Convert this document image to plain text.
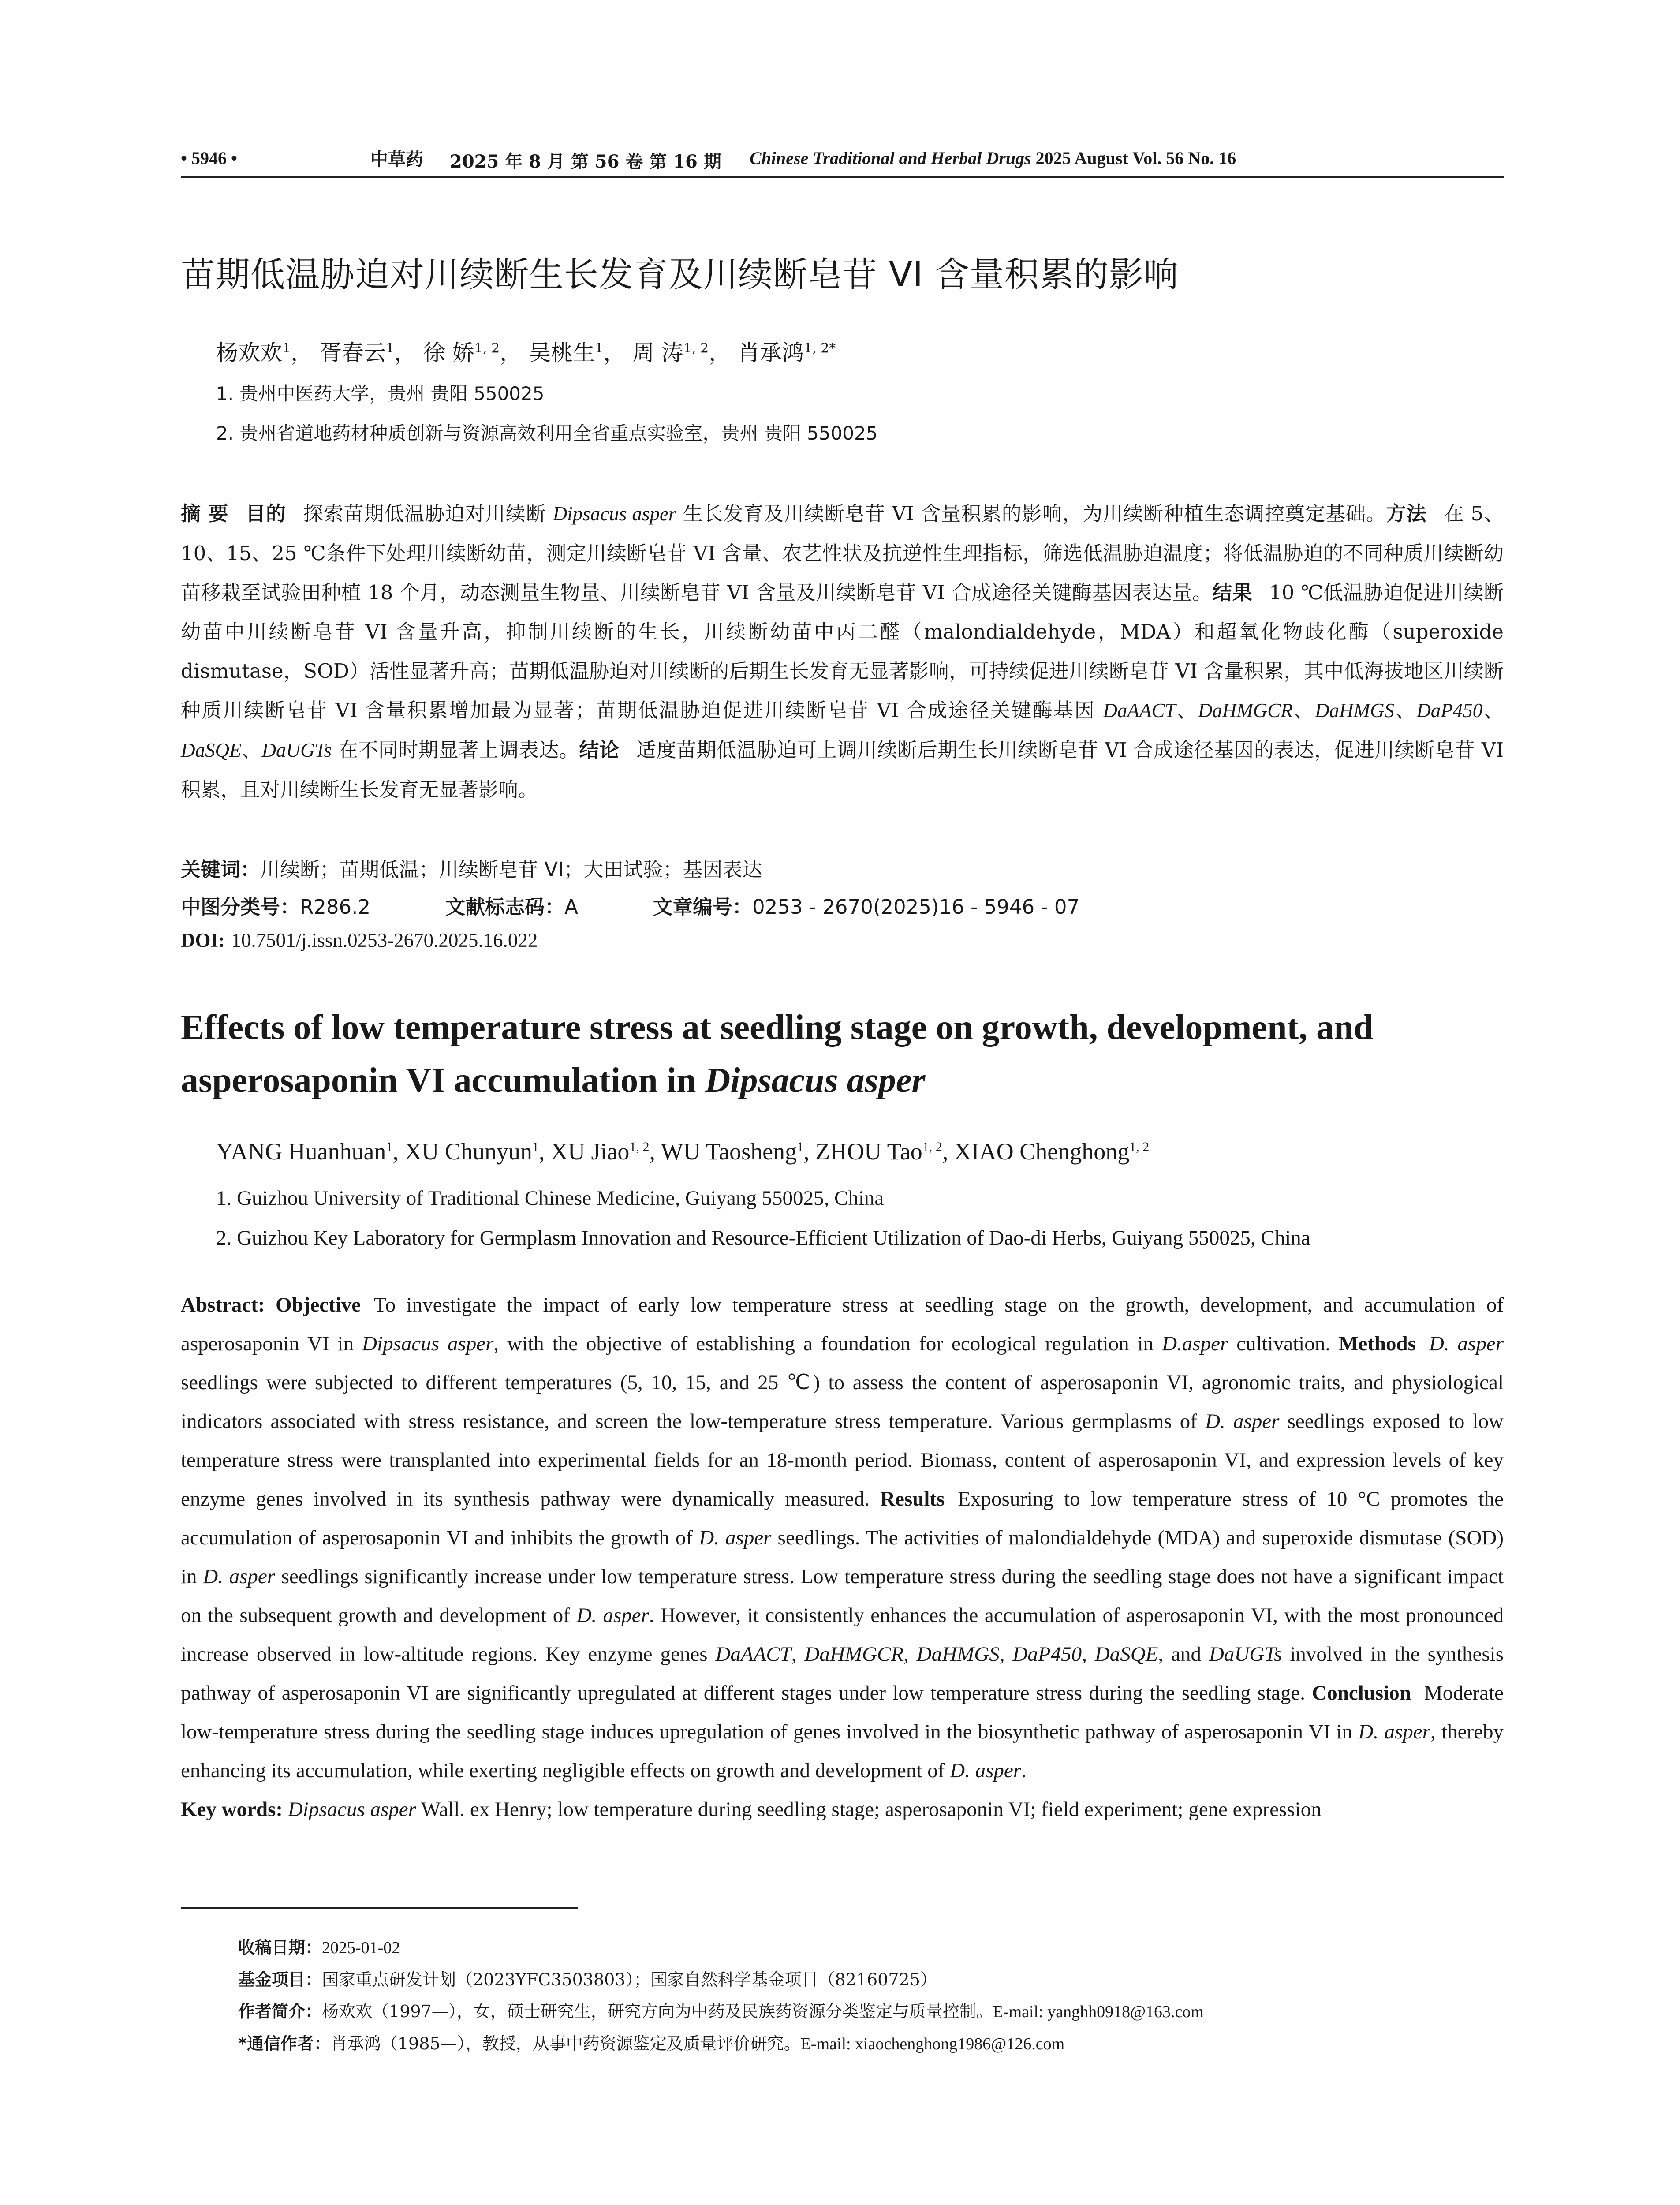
• 5946 •	中草药 2025 年 8 月 第 56 卷 第 16 期 Chinese Traditional and Herbal Drugs 2025 August Vol. 56 No. 16
苗期低温胁迫对川续断生长发育及川续断皂苷 VI 含量积累的影响
杨欢欢$^1$， 胥春云$^1$， 徐 娇$^{1, 2}$， 吴桃生$^1$， 周 涛$^{1, 2}$， 肖承鸿$^{1, 2*}$
1. 贵州中医药大学，贵州 贵阳 550025
2. 贵州省道地药材种质创新与资源高效利用全省重点实验室，贵州 贵阳 550025
摘 要 目的 探索苗期低温胁迫对川续断 Dipsacus asper 生长发育及川续断皂苷 VI 含量积累的影响，为川续断种植生态调控奠定基础。方法 在 5、10、15、25 ℃条件下处理川续断幼苗，测定川续断皂苷 VI 含量、农艺性状及抗逆性生理指标，筛选低温胁迫温度；将低温胁迫的不同种质川续断幼苗移栽至试验田种植 18 个月，动态测量生物量、川续断皂苷 VI 含量及川续断皂苷 VI 合成途径关键酶基因表达量。结果 10 ℃低温胁迫促进川续断幼苗中川续断皂苷 VI 含量升高，抑制川续断的生长，川续断幼苗中丙二醛（malondialdehyde，MDA）和超氧化物歧化酶（superoxide dismutase，SOD）活性显著升高；苗期低温胁迫对川续断的后期生长发育无显著影响，可持续促进川续断皂苷 VI 含量积累，其中低海拔地区川续断种质川续断皂苷 VI 含量积累增加最为显著；苗期低温胁迫促进川续断皂苷 VI 合成途径关键酶基因 DaAACT、DaHMGCR、DaHMGS、DaP450、DaSQE、DaUGTs 在不同时期显著上调表达。结论 适度苗期低温胁迫可上调川续断后期生长川续断皂苷 VI 合成途径基因的表达，促进川续断皂苷 VI 积累，且对川续断生长发育无显著影响。
关键词：川续断；苗期低温；川续断皂苷 VI；大田试验；基因表达
中图分类号：R286.2	文献标志码：A	文章编号：0253 - 2670(2025)16 - 5946 - 07
DOI: 10.7501/j.issn.0253-2670.2025.16.022
Effects of low temperature stress at seedling stage on growth, development, and asperosaponin VI accumulation in Dipsacus asper
YANG Huanhuan$^1$, XU Chunyun$^1$, XU Jiao$^{1, 2}$, WU Taosheng$^1$, ZHOU Tao$^{1, 2}$, XIAO Chenghong$^{1, 2}$
1. Guizhou University of Traditional Chinese Medicine, Guiyang 550025, China
2. Guizhou Key Laboratory for Germplasm Innovation and Resource-Efficient Utilization of Dao-di Herbs, Guiyang 550025, China
Abstract: Objective To investigate the impact of early low temperature stress at seedling stage on the growth, development, and accumulation of asperosaponin VI in Dipsacus asper, with the objective of establishing a foundation for ecological regulation in D.asper cultivation. Methods D. asper seedlings were subjected to different temperatures (5, 10, 15, and 25 ℃) to assess the content of asperosaponin VI, agronomic traits, and physiological indicators associated with stress resistance, and screen the low-temperature stress temperature. Various germplasms of D. asper seedlings exposed to low temperature stress were transplanted into experimental fields for an 18-month period. Biomass, content of asperosaponin VI, and expression levels of key enzyme genes involved in its synthesis pathway were dynamically measured. Results Exposuring to low temperature stress of 10 °C promotes the accumulation of asperosaponin VI and inhibits the growth of D. asper seedlings. The activities of malondialdehyde (MDA) and superoxide dismutase (SOD) in D. asper seedlings significantly increase under low temperature stress. Low temperature stress during the seedling stage does not have a significant impact on the subsequent growth and development of D. asper. However, it consistently enhances the accumulation of asperosaponin VI, with the most pronounced increase observed in low-altitude regions. Key enzyme genes DaAACT, DaHMGCR, DaHMGS, DaP450, DaSQE, and DaUGTs involved in the synthesis pathway of asperosaponin VI are significantly upregulated at different stages under low temperature stress during the seedling stage. Conclusion Moderate low-temperature stress during the seedling stage induces upregulation of genes involved in the biosynthetic pathway of asperosaponin VI in D. asper, thereby enhancing its accumulation, while exerting negligible effects on growth and development of D. asper.
Key words: Dipsacus asper Wall. ex Henry; low temperature during seedling stage; asperosaponin VI; field experiment; gene expression
收稿日期：2025-01-02
基金项目：国家重点研发计划（2023YFC3503803）；国家自然科学基金项目（82160725）
作者简介：杨欢欢（1997—），女，硕士研究生，研究方向为中药及民族药资源分类鉴定与质量控制。E-mail: yanghh0918@163.com
*通信作者：肖承鸿（1985—），教授，从事中药资源鉴定及质量评价研究。E-mail: xiaochenghong1986@126.com
